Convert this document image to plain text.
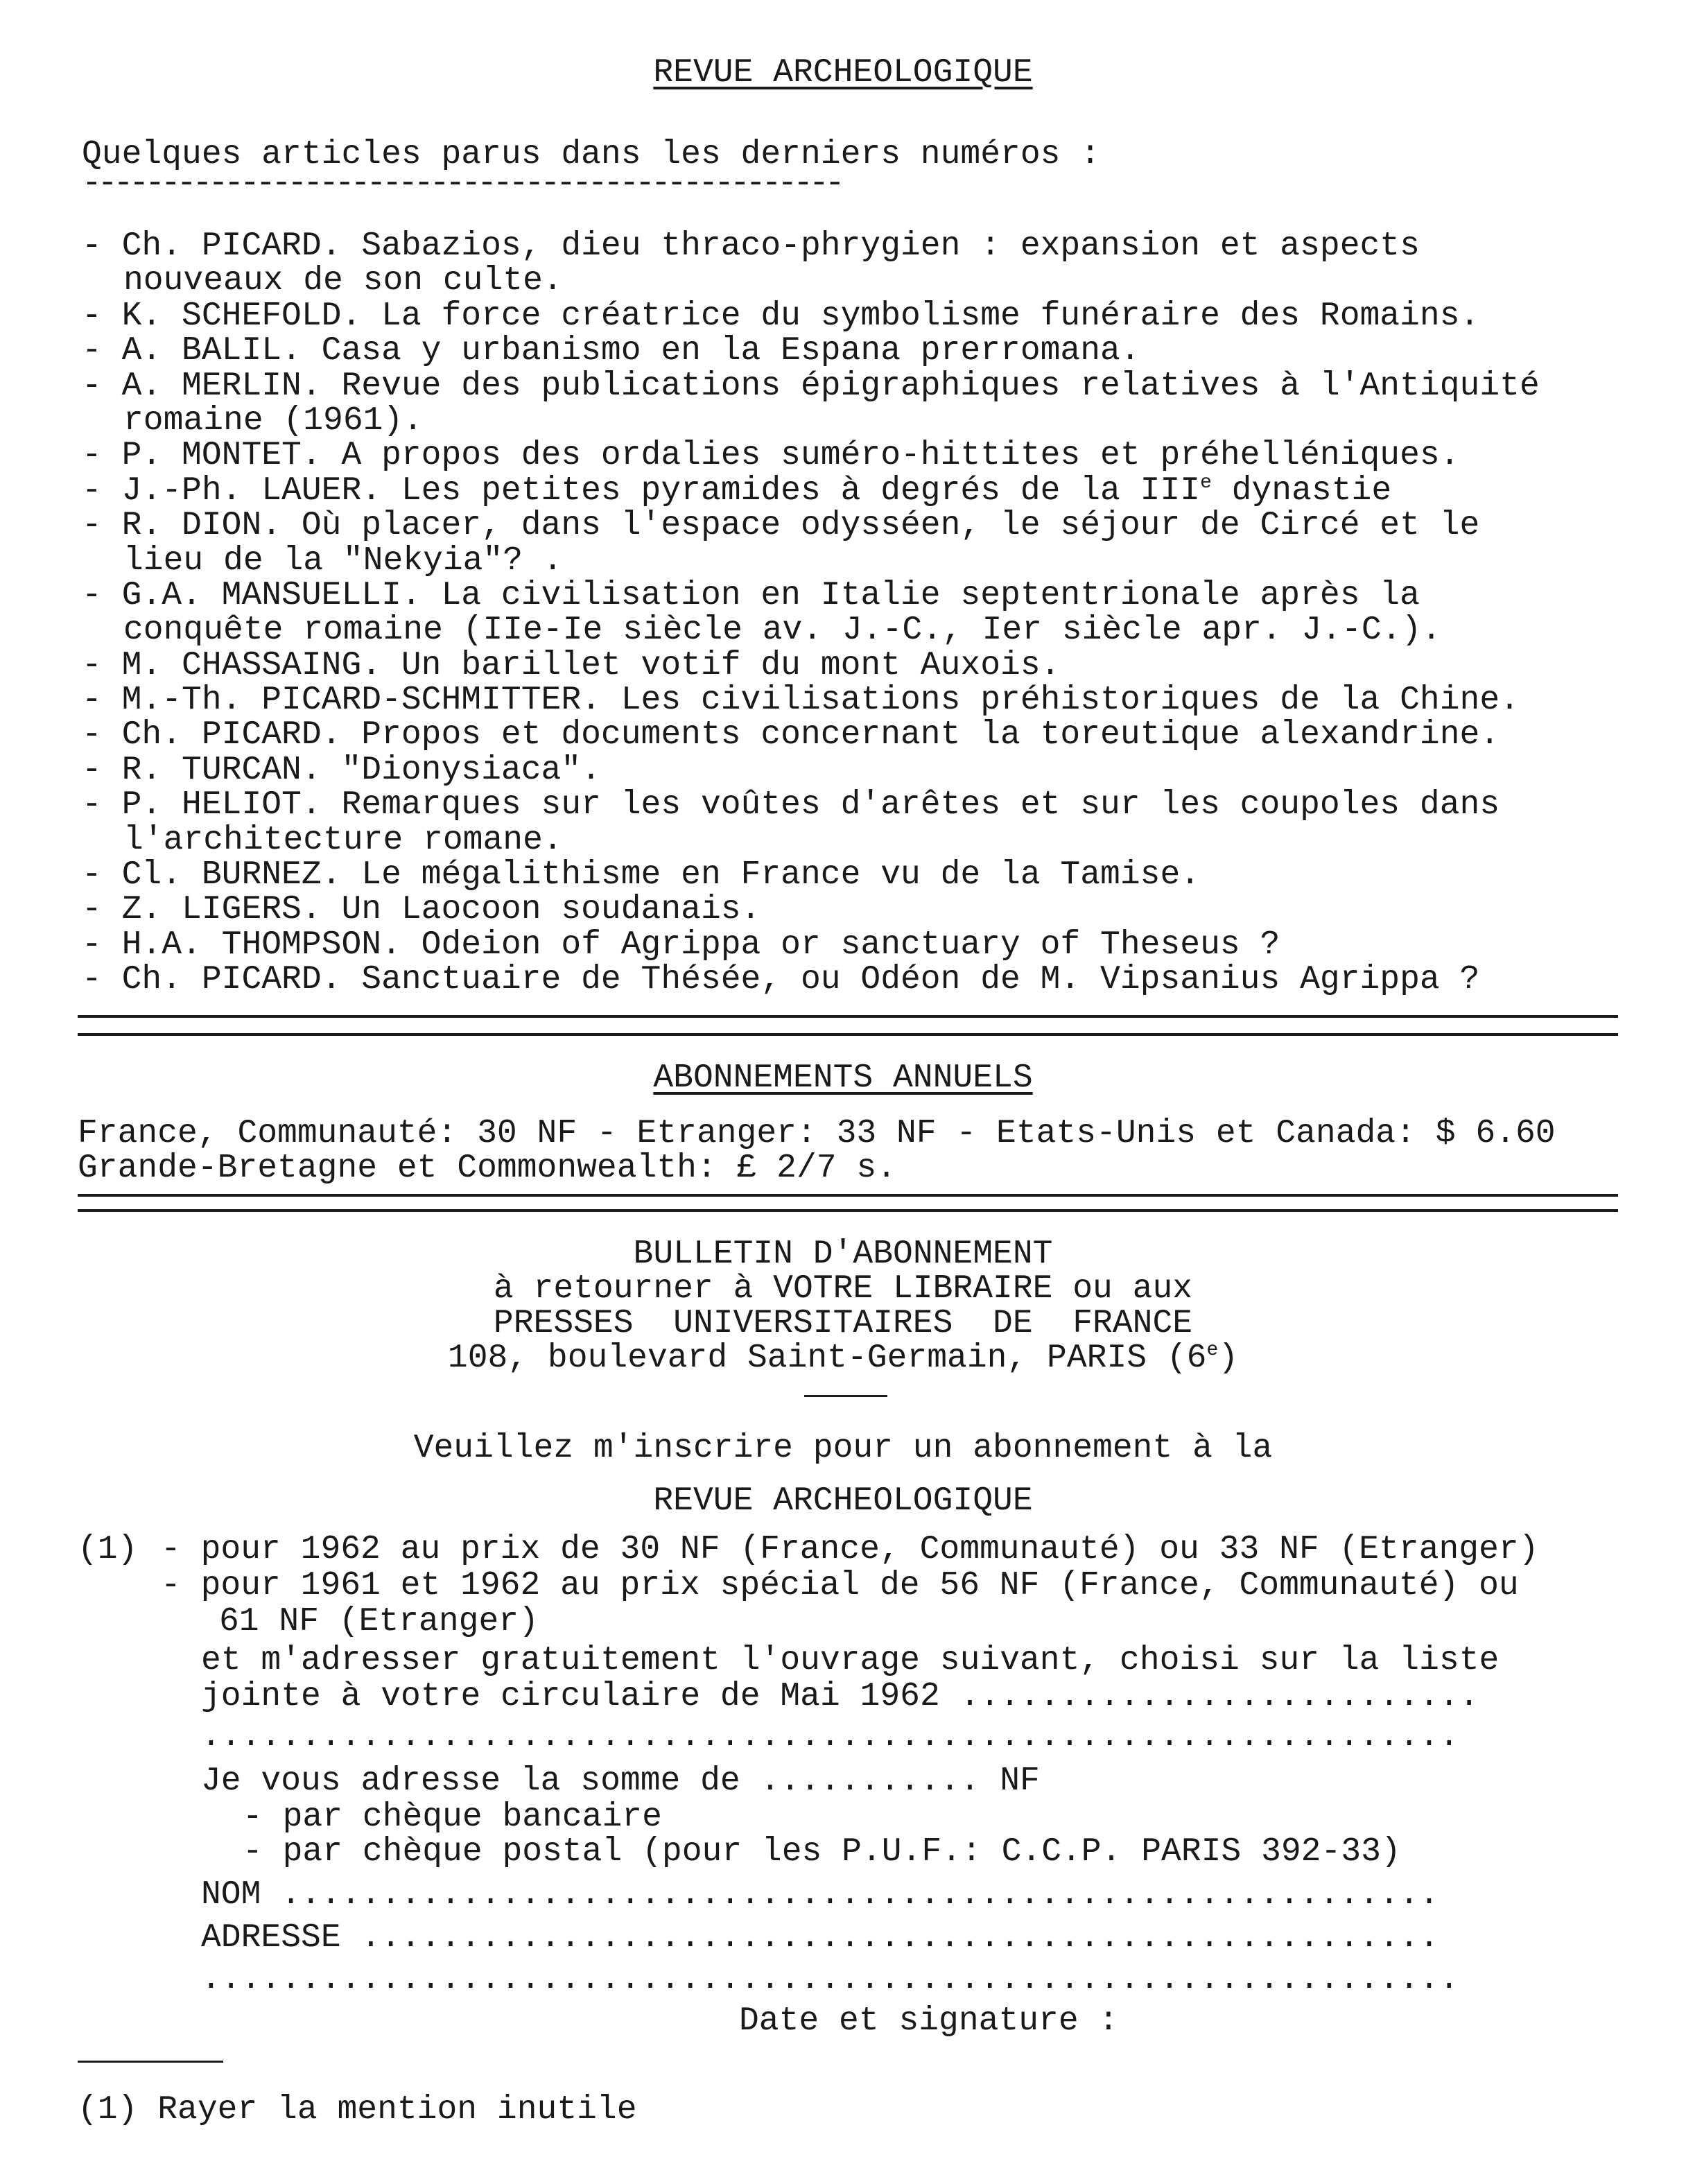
REVUE ARCHEOLOGIQUE
Quelques articles parus dans les derniers numéros :
------------------------------------------------
- Ch. PICARD. Sabazios, dieu thraco-phrygien : expansion et aspects
nouveaux de son culte.
- K. SCHEFOLD. La force créatrice du symbolisme funéraire des Romains.
- A. BALIL. Casa y urbanismo en la Espana prerromana.
- A. MERLIN. Revue des publications épigraphiques relatives à l'Antiquité
romaine (1961).
- P. MONTET. A propos des ordalies suméro-hittites et préhelléniques.
- J.-Ph. LAUER. Les petites pyramides à degrés de la IIIe dynastie
- R. DION. Où placer, dans l'espace odysséen, le séjour de Circé et le
lieu de la "Nekyia"? .
- G.A. MANSUELLI. La civilisation en Italie septentrionale après la
conquête romaine (IIe-Ie siècle av. J.-C., Ier siècle apr. J.-C.).
- M. CHASSAING. Un barillet votif du mont Auxois.
- M.-Th. PICARD-SCHMITTER. Les civilisations préhistoriques de la Chine.
- Ch. PICARD. Propos et documents concernant la toreutique alexandrine.
- R. TURCAN. "Dionysiaca".
- P. HELIOT. Remarques sur les voûtes d'arêtes et sur les coupoles dans
l'architecture romane.
- Cl. BURNEZ. Le mégalithisme en France vu de la Tamise.
- Z. LIGERS. Un Laocoon soudanais.
- H.A. THOMPSON. Odeion of Agrippa or sanctuary of Theseus ?
- Ch. PICARD. Sanctuaire de Thésée, ou Odéon de M. Vipsanius Agrippa ?
ABONNEMENTS ANNUELS
France, Communauté: 30 NF - Etranger: 33 NF - Etats-Unis et Canada: $ 6.60
Grande-Bretagne et Commonwealth: £ 2/7 s.
BULLETIN D'ABONNEMENT
à retourner à VOTRE LIBRAIRE ou aux
PRESSES  UNIVERSITAIRES  DE  FRANCE
108, boulevard Saint-Germain, PARIS (6e)
Veuillez m'inscrire pour un abonnement à la
REVUE ARCHEOLOGIQUE
(1) - pour 1962 au prix de 30 NF (France, Communauté) ou 33 NF (Etranger)
- pour 1961 et 1962 au prix spécial de 56 NF (France, Communauté) ou
61 NF (Etranger)
et m'adresser gratuitement l'ouvrage suivant, choisi sur la liste
jointe à votre circulaire de Mai 1962 ..........................
...............................................................
Je vous adresse la somme de ........... NF
- par chèque bancaire
- par chèque postal (pour les P.U.F.: C.C.P. PARIS 392-33)
NOM ..........................................................
ADRESSE ......................................................
...............................................................
Date et signature :
(1) Rayer la mention inutile
